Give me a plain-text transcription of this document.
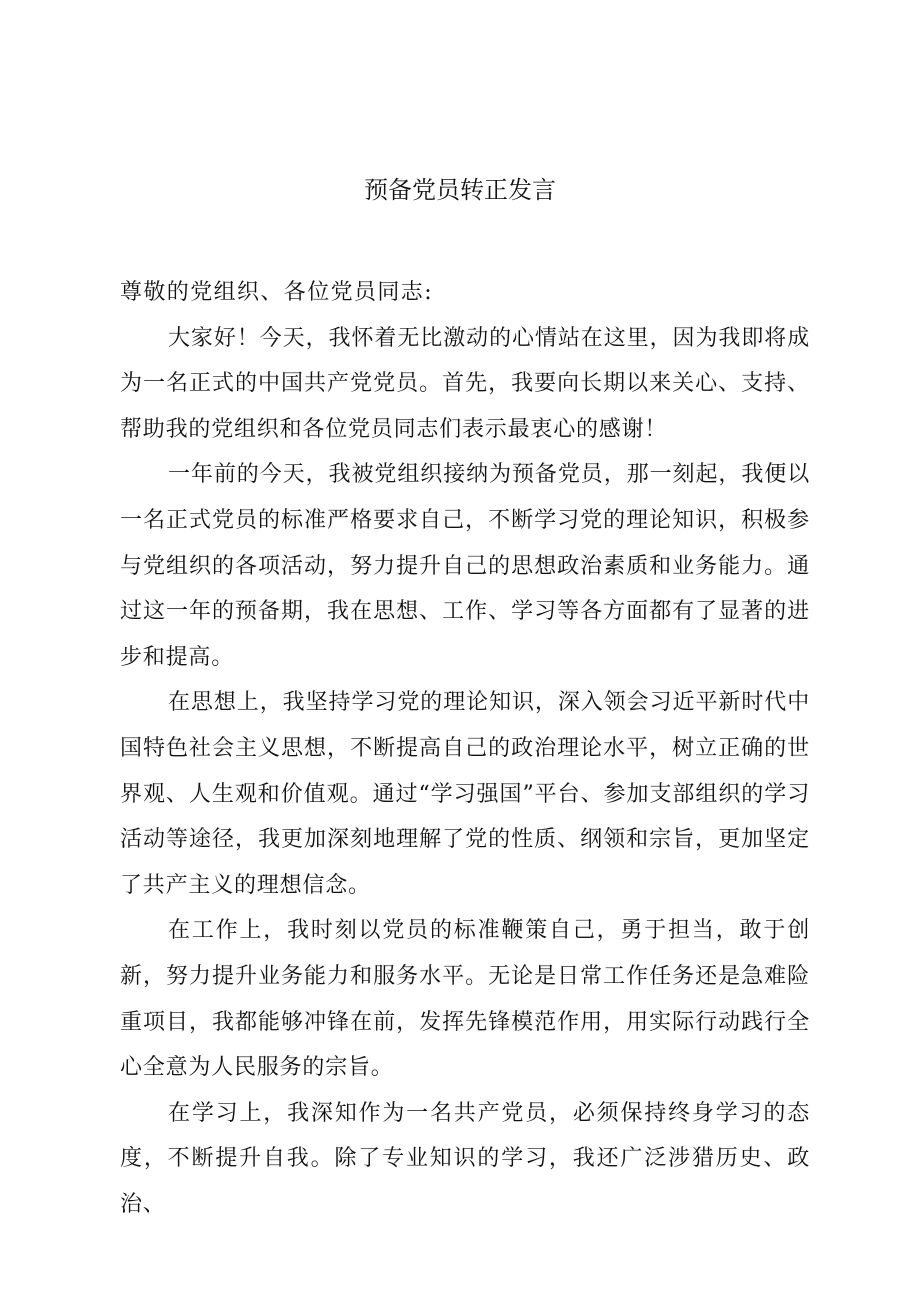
预备党员转正发言

尊敬的党组织、各位党员同志:

大家好！今天，我怀着无比激动的心情站在这里，因为我即将成为一名正式的中国共产党党员。首先，我要向长期以来关心、支持、帮助我的党组织和各位党员同志们表示最衷心的感谢！

一年前的今天，我被党组织接纳为预备党员，那一刻起，我便以一名正式党员的标准严格要求自己，不断学习党的理论知识，积极参与党组织的各项活动，努力提升自己的思想政治素质和业务能力。通过这一年的预备期，我在思想、工作、学习等各方面都有了显著的进步和提高。

在思想上，我坚持学习党的理论知识，深入领会习近平新时代中国特色社会主义思想，不断提高自己的政治理论水平，树立正确的世界观、人生观和价值观。通过“学习强国”平台、参加支部组织的学习活动等途径，我更加深刻地理解了党的性质、纲领和宗旨，更加坚定了共产主义的理想信念。

在工作上，我时刻以党员的标准鞭策自己，勇于担当，敢于创新，努力提升业务能力和服务水平。无论是日常工作任务还是急难险重项目，我都能够冲锋在前，发挥先锋模范作用，用实际行动践行全心全意为人民服务的宗旨。

在学习上，我深知作为一名共产党员，必须保持终身学习的态度，不断提升自我。除了专业知识的学习，我还广泛涉猎历史、政治、
